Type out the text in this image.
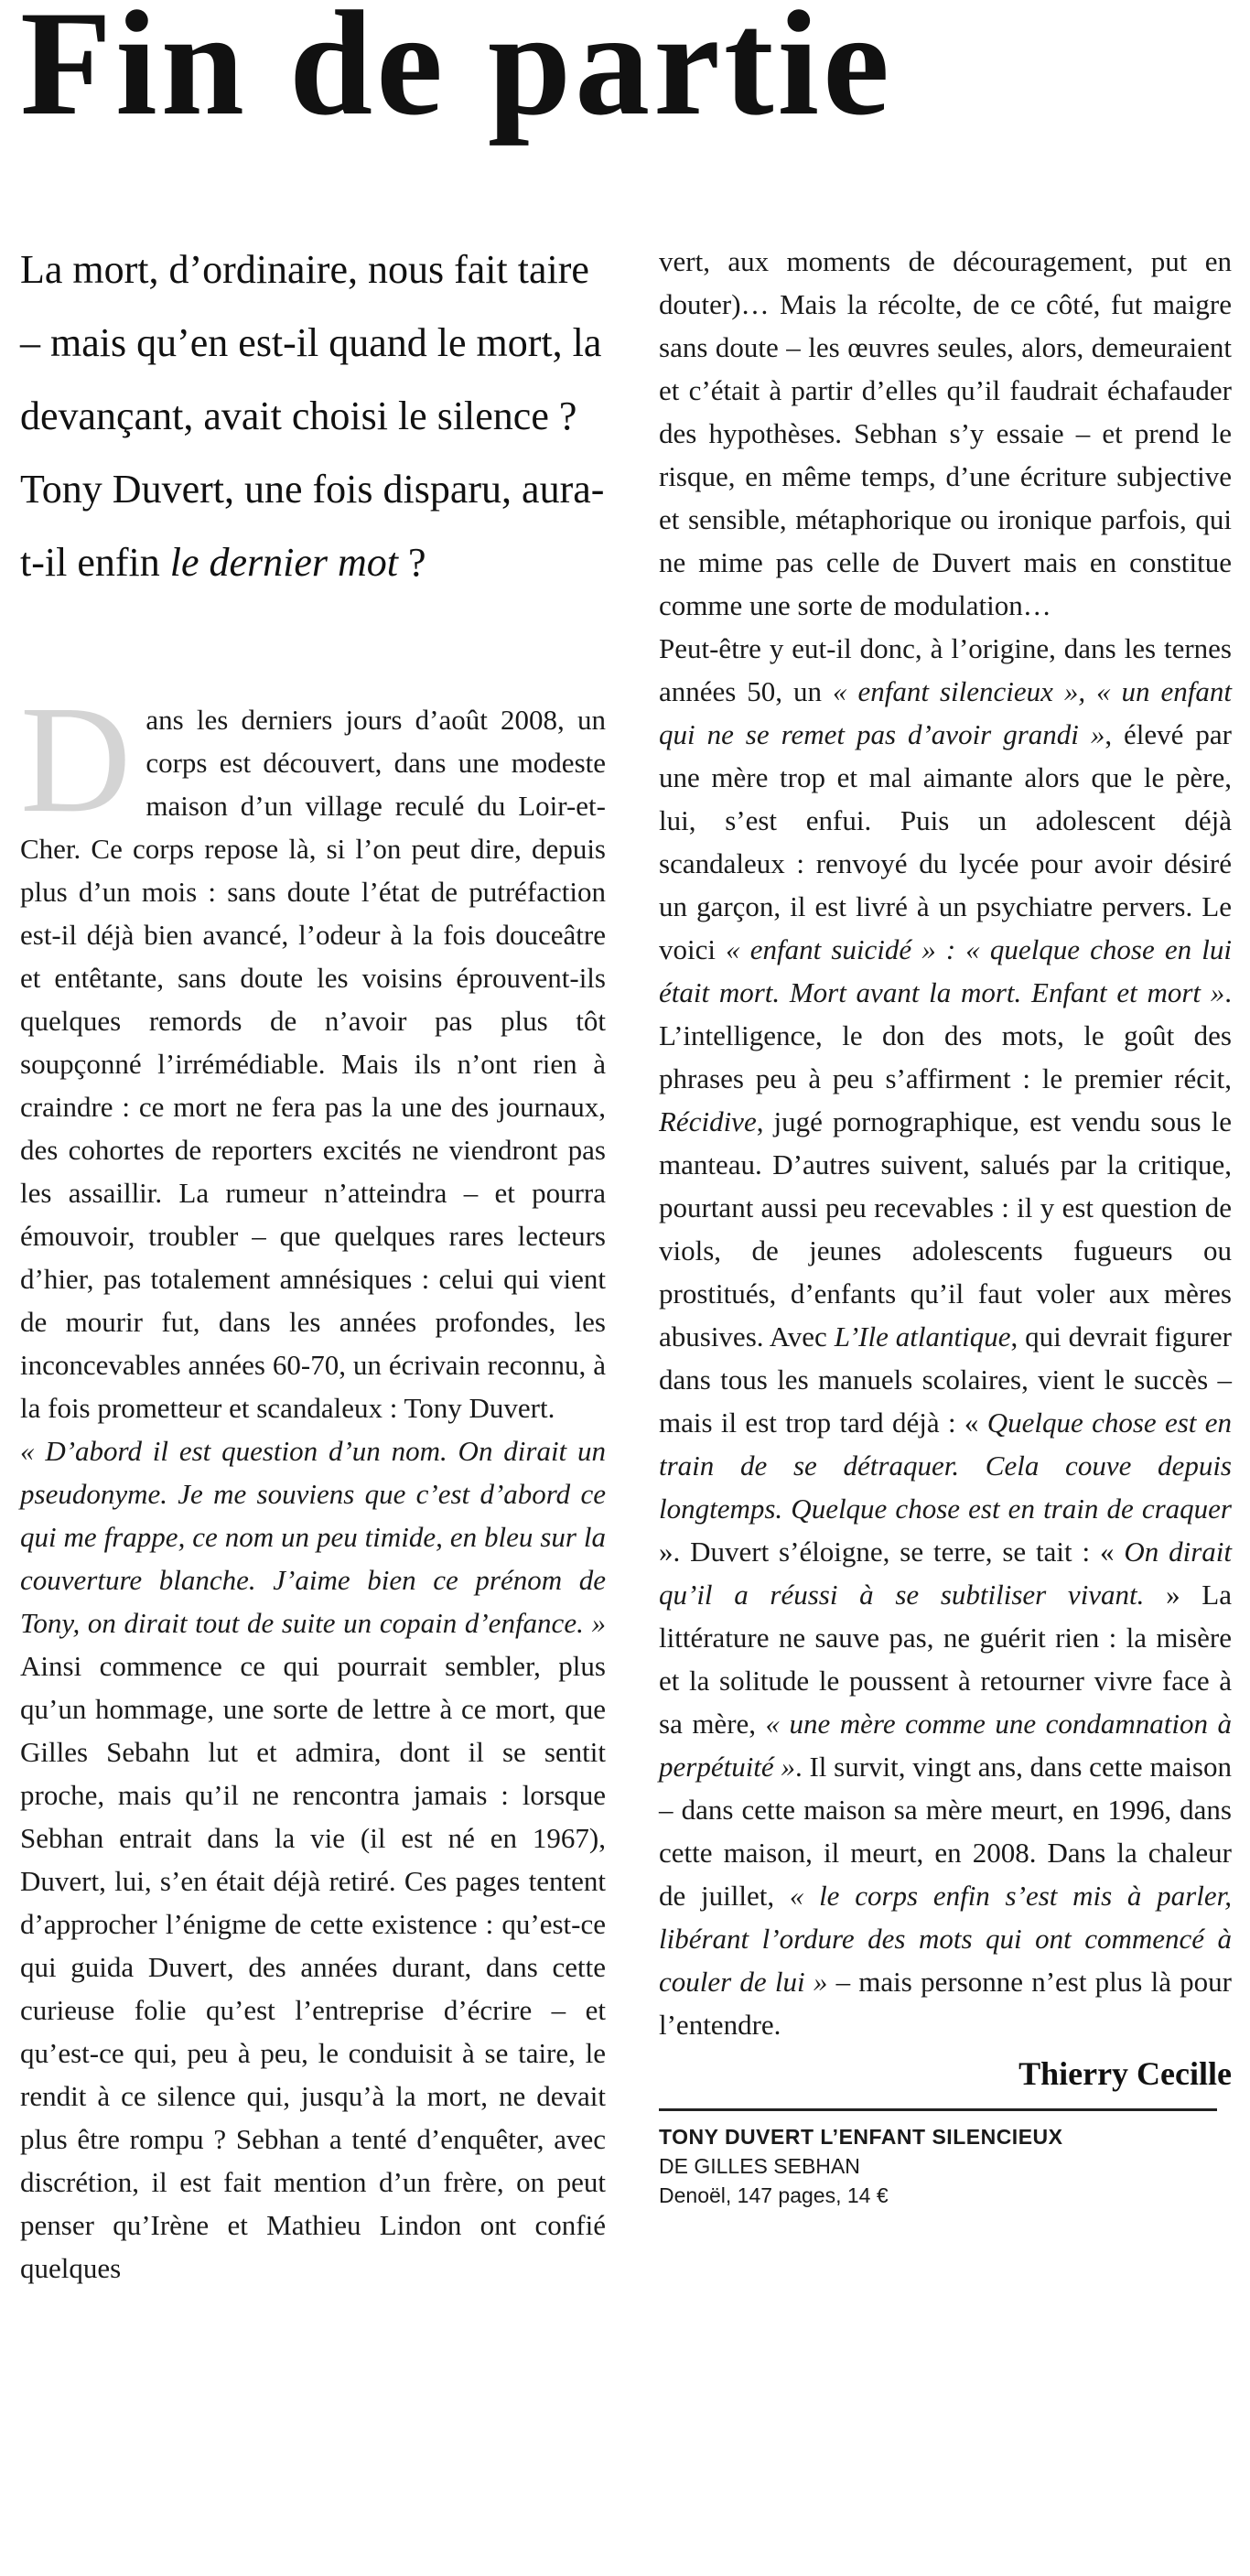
Fin de partie

La mort, d’ordinaire, nous fait taire – mais qu’en est-il quand le mort, la devançant, avait choisi le silence ? Tony Duvert, une fois disparu, aura-t-il enfin le dernier mot ?

Dans les derniers jours d’août 2008, un corps est découvert, dans une modeste maison d’un village reculé du Loir-et-Cher. Ce corps repose là, si l’on peut dire, depuis plus d’un mois : sans doute l’état de putréfaction est-il déjà bien avancé, l’odeur à la fois douceâtre et entêtante, sans doute les voisins éprouvent-ils quelques remords de n’avoir pas plus tôt soupçonné l’irrémédiable. Mais ils n’ont rien à craindre : ce mort ne fera pas la une des journaux, des cohortes de reporters excités ne viendront pas les assaillir. La rumeur n’atteindra – et pourra émouvoir, troubler – que quelques rares lecteurs d’hier, pas totalement amnésiques : celui qui vient de mourir fut, dans les années profondes, les inconcevables années 60-70, un écrivain reconnu, à la fois prometteur et scandaleux : Tony Duvert.

« D’abord il est question d’un nom. On dirait un pseudonyme. Je me souviens que c’est d’abord ce qui me frappe, ce nom un peu timide, en bleu sur la couverture blanche. J’aime bien ce prénom de Tony, on dirait tout de suite un copain d’enfance. » Ainsi commence ce qui pourrait sembler, plus qu’un hommage, une sorte de lettre à ce mort, que Gilles Sebahn lut et admira, dont il se sentit proche, mais qu’il ne rencontra jamais : lorsque Sebhan entrait dans la vie (il est né en 1967), Duvert, lui, s’en était déjà retiré. Ces pages tentent d’approcher l’énigme de cette existence : qu’est-ce qui guida Duvert, des années durant, dans cette curieuse folie qu’est l’entreprise d’écrire – et qu’est-ce qui, peu à peu, le conduisit à se taire, le rendit à ce silence qui, jusqu’à la mort, ne devait plus être rompu ? Sebhan a tenté d’enquêter, avec discrétion, il est fait mention d’un frère, on peut penser qu’Irène et Mathieu Lindon ont confié quelques

vert, aux moments de découragement, put en douter)… Mais la récolte, de ce côté, fut maigre sans doute – les œuvres seules, alors, demeuraient et c’était à partir d’elles qu’il faudrait échafauder des hypothèses. Sebhan s’y essaie – et prend le risque, en même temps, d’une écriture subjective et sensible, métaphorique ou ironique parfois, qui ne mime pas celle de Duvert mais en constitue comme une sorte de modulation…

Peut-être y eut-il donc, à l’origine, dans les ternes années 50, un « enfant silencieux », « un enfant qui ne se remet pas d’avoir grandi », élevé par une mère trop et mal aimante alors que le père, lui, s’est enfui. Puis un adolescent déjà scandaleux : renvoyé du lycée pour avoir désiré un garçon, il est livré à un psychiatre pervers. Le voici « enfant suicidé » : « quelque chose en lui était mort. Mort avant la mort. Enfant et mort ». L’intelligence, le don des mots, le goût des phrases peu à peu s’affirment : le premier récit, Récidive, jugé pornographique, est vendu sous le manteau. D’autres suivent, salués par la critique, pourtant aussi peu recevables : il y est question de viols, de jeunes adolescents fugueurs ou prostitués, d’enfants qu’il faut voler aux mères abusives. Avec L’Ile atlantique, qui devrait figurer dans tous les manuels scolaires, vient le succès – mais il est trop tard déjà : « Quelque chose est en train de se détraquer. Cela couve depuis longtemps. Quelque chose est en train de craquer ». Duvert s’éloigne, se terre, se tait : « On dirait qu’il a réussi à se subtiliser vivant. » La littérature ne sauve pas, ne guérit rien : la misère et la solitude le poussent à retourner vivre face à sa mère, « une mère comme une condamnation à perpétuité ». Il survit, vingt ans, dans cette maison – dans cette maison sa mère meurt, en 1996, dans cette maison, il meurt, en 2008. Dans la chaleur de juillet, « le corps enfin s’est mis à parler, libérant l’ordure des mots qui ont commencé à couler de lui » – mais personne n’est plus là pour l’entendre.

Thierry Cecille
TONY DUVERT L’ENFANT SILENCIEUX
DE GILLES SEBHAN
Denoël, 147 pages, 14 €
